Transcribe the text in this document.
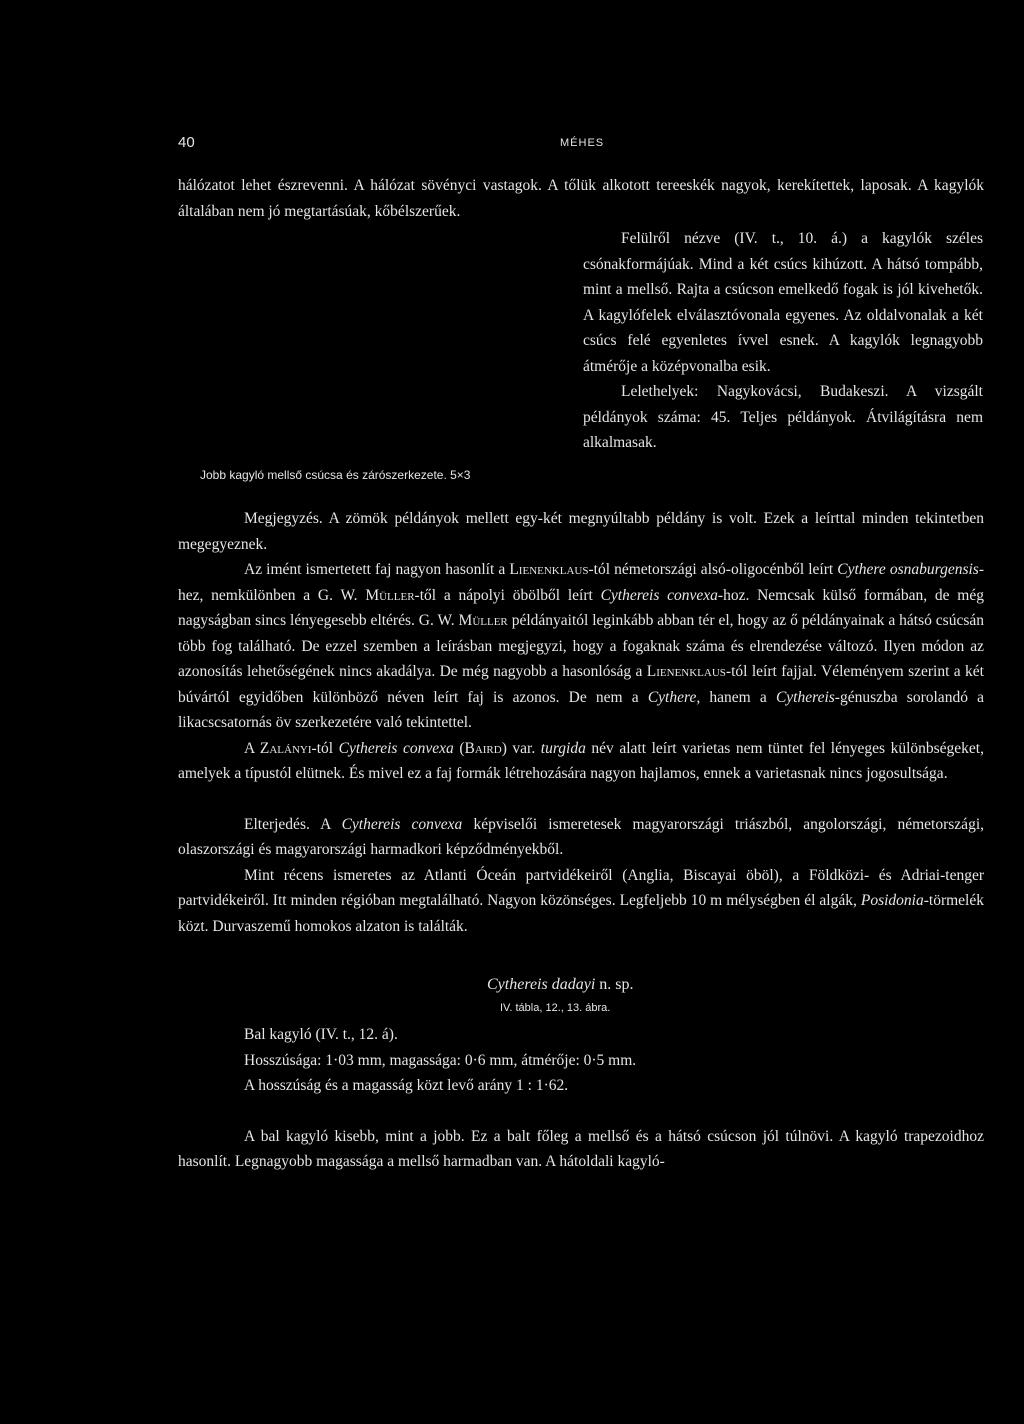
40	MÉHES
hálózatot lehet észrevenni. A hálózat sövényci vastagok. A tőlük alkotott tereeskék nagyok, kerekítettek, laposak. A kagylók általában nem jó megtartásúak, kőbélszerűek.

Felülről nézve (IV. t., 10. á.) a kagylók széles csónakformájúak. Mind a két csúcs kihúzott. A hátsó tompább, mint a mellső. Rajta a csúcson emelkedő fogak is jól kivehetők. A kagylófelek elválasztóvonala egyenes. Az oldalvonalak a két csúcs felé egyenletes ívvel esnek. A kagylók legnagyobb átmérője a középvonalba esik.

Lelethelyek: Nagykovácsi, Budakeszi. A vizsgált példányok száma: 45. Teljes példányok. Átvilágításra nem alkalmasak.

Jobb kagyló mellső csúcsa és zárószerkezete. 5×3

Megjegyzés. A zömök példányok mellett egy-két megnyúltabb példány is volt. Ezek a leírttal minden tekintetben megegyeznek.

Az imént ismertetett faj nagyon hasonlít a Lienenklaus-tól németországi alsó-oligocénből leírt Cythere osnaburgensis-hez, nemkülönben a G. W. Müller-től a nápolyi öbölből leírt Cythereis convexa-hoz. Nemcsak külső formában, de még nagyságban sincs lényegesebb eltérés. G. W. Müller példányaitól leginkább abban tér el, hogy az ő példányainak a hátsó csúcsán több fog található. De ezzel szemben a leírásban megjegyzi, hogy a fogaknak száma és elrendezése változó. Ilyen módon az azonosítás lehetőségének nincs akadálya. De még nagyobb a hasonlóság a Lienenklaus-tól leírt fajjal. Véleményem szerint a két búvártól egyidőben különböző néven leírt faj is azonos. De nem a Cythere, hanem a Cythereis-génuszba sorolandó a likacscsatornás öv szerkezetére való tekintettel.

A Zalányi-tól Cythereis convexa (Baird) var. turgida név alatt leírt varietas nem tüntet fel lényeges különbségeket, amelyek a típustól elütnek. És mivel ez a faj formák létrehozására nagyon hajlamos, ennek a varietasnak nincs jogosultsága.

Elterjedés. A Cythereis convexa képviselői ismeretesek magyarországi triászból, angolországi, németországi, olaszországi és magyarországi harmadkori képződményekből.

Mint récens ismeretes az Atlanti Óceán partvidékeiről (Anglia, Biscayai öböl), a Földközi- és Adriai-tenger partvidékeiről. Itt minden régióban megtalálható. Nagyon közönséges. Legfeljebb 10 m mélységben él algák, Posidonia-törmelék közt. Durvaszemű homokos alzaton is találták.

Cythereis dadayi n. sp.
IV. tábla, 12., 13. ábra.
Bal kagyló (IV. t., 12. á).
Hosszúsága: 1·03 mm, magassága: 0·6 mm, átmérője: 0·5 mm.
A hosszúság és a magasság közt levő arány 1 : 1·62.

A bal kagyló kisebb, mint a jobb. Ez a balt főleg a mellső és a hátsó csúcson jól túlnövi. A kagyló trapezoidhoz hasonlít. Legnagyobb magassága a mellső harmadban van. A hátoldali kagyló-
